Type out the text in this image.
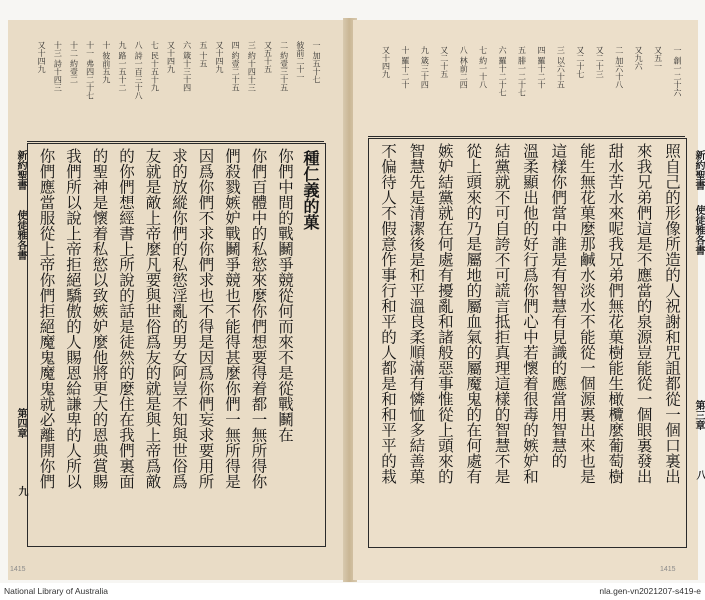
一 加五十七
彼前二十一
二 約壹三十五
又五十五
三 約十四十三
四 約壹二十五
又十四九
五 十五
六 箴十三十四
又十四九
七 民十五十九
八 詩一百三十八
九 路一五十二
十 彼前五九
十一 弗四二十七
十二 約壹二
十三 詩十四三
又十四九
種仁義的菓
你們中間的戰鬭爭競從何而來不是從戰鬭在
你們百體中的私慾來麼你們想要得着都一無所得你
們殺戮嫉妒戰鬭爭競也不能得甚麼你們一無所得是
因爲你們不求你們求也不得是因爲你們妄求要用所
求的放縱你們的私慾淫亂的男女阿豈不知與世俗爲
友就是敵上帝麼凡要與世俗爲友的就是與上帝爲敵
的你們想經書上所說的話是徒然的麼住在我們裏面
的聖神是懷着私慾以致嫉妒麼他將更大的恩典賞賜
我們所以說上帝拒絕驕傲的人賜恩給謙卑的人所以
你們應當服從上帝你們拒絕魔鬼魔鬼就必離開你們
新約聖書
使徒雅各書
第四章
九
一 創一二十六
又五一
又九六
二 加六十八
又二十三
又二十七
三 以六十五
四 羅十二十
五 腓一二十七
六 羅十二十七
七 約一十八
八 林前二四
又二十五
九 箴三十四
十 羅十二十
又十四九
照自己的形像所造的人祝謝和咒詛都從一個口裏出
來我兄弟們這是不應當的泉源豈能從一個眼裏發出
甜水苦水來呢我兄弟們無花菓樹能生橄欖麼葡萄樹
能生無花菓麼那鹹水淡水不能從一個源裏出來也是
這樣你們當中誰是有智慧有見識的應當用智慧的
溫柔顯出他的好行爲你們心中若懷着很毒的嫉妒和
結黨就不可自誇不可謊言抵拒真理這樣的智慧不是
從上頭來的乃是屬地的屬血氣的屬魔鬼的在何處有
嫉妒結黨就在何處有擾亂和諸般惡事惟從上頭來的
智慧先是清潔後是和平溫良柔順滿有憐恤多結善菓
不偏待人不假意作事行和平的人都是和和平平的栽	新約聖書
使徒雅各書
第三章
八
1415	1415
National Library of Australia	nla.gen-vn2021207-s419-e
